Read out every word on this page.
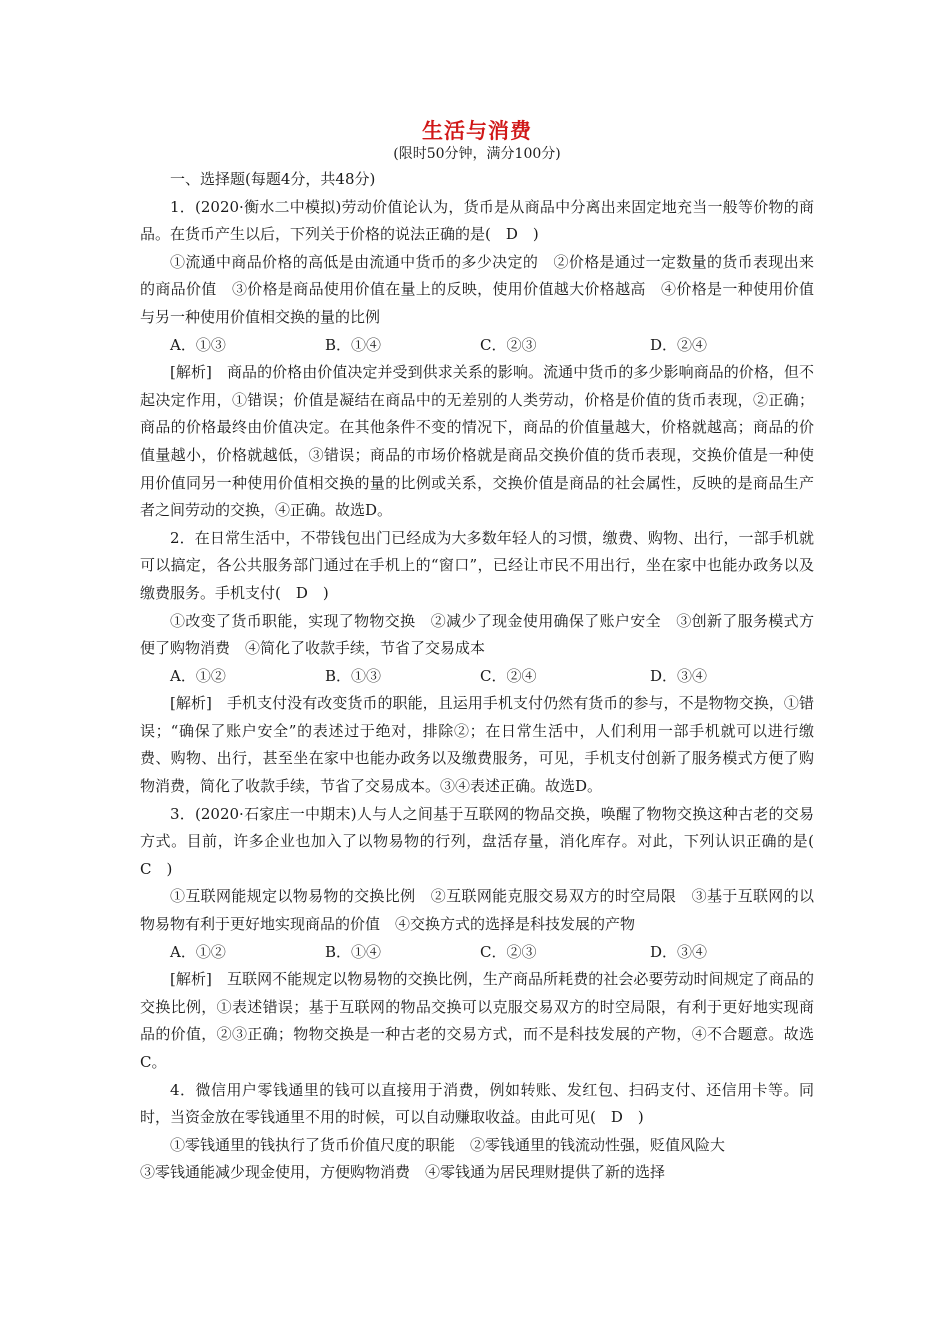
生活与消费

(限时50分钟，满分100分)

一、选择题(每题4分，共48分)

1．(2020·衡水二中模拟)劳动价值论认为，货币是从商品中分离出来固定地充当一般等价物的商品。在货币产生以后，下列关于价格的说法正确的是(　D　)

①流通中商品价格的高低是由流通中货币的多少决定的　②价格是通过一定数量的货币表现出来的商品价值　③价格是商品使用价值在量上的反映，使用价值越大价格越高　④价格是一种使用价值与另一种使用价值相交换的量的比例

A．①③	B．①④	C．②③	D．②④

[解析]　商品的价格由价值决定并受到供求关系的影响。流通中货币的多少影响商品的价格，但不起决定作用，①错误；价值是凝结在商品中的无差别的人类劳动，价格是价值的货币表现，②正确；商品的价格最终由价值决定。在其他条件不变的情况下，商品的价值量越大，价格就越高；商品的价值量越小，价格就越低，③错误；商品的市场价格就是商品交换价值的货币表现，交换价值是一种使用价值同另一种使用价值相交换的量的比例或关系，交换价值是商品的社会属性，反映的是商品生产者之间劳动的交换，④正确。故选D。

2．在日常生活中，不带钱包出门已经成为大多数年轻人的习惯，缴费、购物、出行，一部手机就可以搞定，各公共服务部门通过在手机上的“窗口”，已经让市民不用出行，坐在家中也能办政务以及缴费服务。手机支付(　D　)

①改变了货币职能，实现了物物交换　②减少了现金使用确保了账户安全　③创新了服务模式方便了购物消费　④简化了收款手续，节省了交易成本

A．①②	B．①③	C．②④	D．③④

[解析]　手机支付没有改变货币的职能，且运用手机支付仍然有货币的参与，不是物物交换，①错误；“确保了账户安全”的表述过于绝对，排除②；在日常生活中，人们利用一部手机就可以进行缴费、购物、出行，甚至坐在家中也能办政务以及缴费服务，可见，手机支付创新了服务模式方便了购物消费，简化了收款手续，节省了交易成本。③④表述正确。故选D。

3．(2020·石家庄一中期末)人与人之间基于互联网的物品交换，唤醒了物物交换这种古老的交易方式。目前，许多企业也加入了以物易物的行列，盘活存量，消化库存。对此，下列认识正确的是(　C　)

①互联网能规定以物易物的交换比例　②互联网能克服交易双方的时空局限　③基于互联网的以物易物有利于更好地实现商品的价值　④交换方式的选择是科技发展的产物

A．①②	B．①④	C．②③	D．③④

[解析]　互联网不能规定以物易物的交换比例，生产商品所耗费的社会必要劳动时间规定了商品的交换比例，①表述错误；基于互联网的物品交换可以克服交易双方的时空局限，有利于更好地实现商品的价值，②③正确；物物交换是一种古老的交易方式，而不是科技发展的产物，④不合题意。故选C。

4．微信用户零钱通里的钱可以直接用于消费，例如转账、发红包、扫码支付、还信用卡等。同时，当资金放在零钱通里不用的时候，可以自动赚取收益。由此可见(　D　)

①零钱通里的钱执行了货币价值尺度的职能　②零钱通里的钱流动性强，贬值风险大

③零钱通能减少现金使用，方便购物消费　④零钱通为居民理财提供了新的选择
